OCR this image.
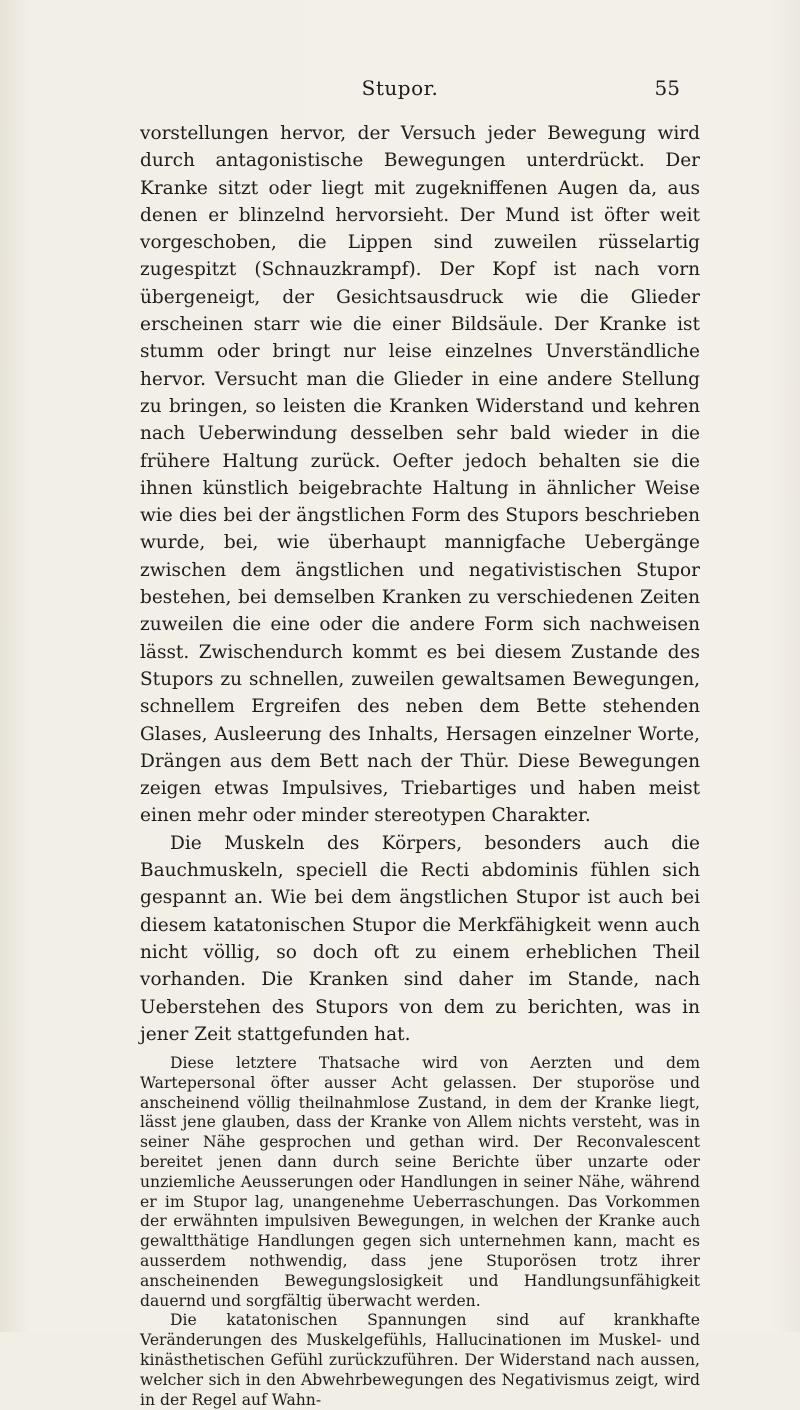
Stupor.	55

vorstellungen hervor, der Versuch jeder Bewegung wird durch antagonistische Bewegungen unterdrückt. Der Kranke sitzt oder liegt mit zugekniffenen Augen da, aus denen er blinzelnd hervorsieht. Der Mund ist öfter weit vorgeschoben, die Lippen sind zuweilen rüsselartig zugespitzt (Schnauzkrampf). Der Kopf ist nach vorn übergeneigt, der Gesichtsausdruck wie die Glieder erscheinen starr wie die einer Bildsäule. Der Kranke ist stumm oder bringt nur leise einzelnes Unverständliche hervor. Versucht man die Glieder in eine andere Stellung zu bringen, so leisten die Kranken Widerstand und kehren nach Ueberwindung desselben sehr bald wieder in die frühere Haltung zurück. Oefter jedoch behalten sie die ihnen künstlich beigebrachte Haltung in ähnlicher Weise wie dies bei der ängstlichen Form des Stupors beschrieben wurde, bei, wie überhaupt mannigfache Uebergänge zwischen dem ängstlichen und negativistischen Stupor bestehen, bei demselben Kranken zu verschiedenen Zeiten zuweilen die eine oder die andere Form sich nachweisen lässt. Zwischendurch kommt es bei diesem Zustande des Stupors zu schnellen, zuweilen gewaltsamen Bewegungen, schnellem Ergreifen des neben dem Bette stehenden Glases, Ausleerung des Inhalts, Hersagen einzelner Worte, Drängen aus dem Bett nach der Thür. Diese Bewegungen zeigen etwas Impulsives, Triebartiges und haben meist einen mehr oder minder stereotypen Charakter.

Die Muskeln des Körpers, besonders auch die Bauchmuskeln, speciell die Recti abdominis fühlen sich gespannt an. Wie bei dem ängstlichen Stupor ist auch bei diesem katatonischen Stupor die Merkfähigkeit wenn auch nicht völlig, so doch oft zu einem erheblichen Theil vorhanden. Die Kranken sind daher im Stande, nach Ueberstehen des Stupors von dem zu berichten, was in jener Zeit stattgefunden hat.

Diese letztere Thatsache wird von Aerzten und dem Wartepersonal öfter ausser Acht gelassen. Der stuporöse und anscheinend völlig theilnahmlose Zustand, in dem der Kranke liegt, lässt jene glauben, dass der Kranke von Allem nichts versteht, was in seiner Nähe gesprochen und gethan wird. Der Reconvalescent bereitet jenen dann durch seine Berichte über unzarte oder unziemliche Aeusserungen oder Handlungen in seiner Nähe, während er im Stupor lag, unangenehme Ueberraschungen. Das Vorkommen der erwähnten impulsiven Bewegungen, in welchen der Kranke auch gewaltthätige Handlungen gegen sich unternehmen kann, macht es ausserdem nothwendig, dass jene Stuporösen trotz ihrer anscheinenden Bewegungslosigkeit und Handlungsunfähigkeit dauernd und sorgfältig überwacht werden.

Die katatonischen Spannungen sind auf krankhafte Veränderungen des Muskelgefühls, Hallucinationen im Muskel- und kinästhetischen Gefühl zurückzuführen. Der Widerstand nach aussen, welcher sich in den Abwehrbewegungen des Negativismus zeigt, wird in der Regel auf Wahn-
